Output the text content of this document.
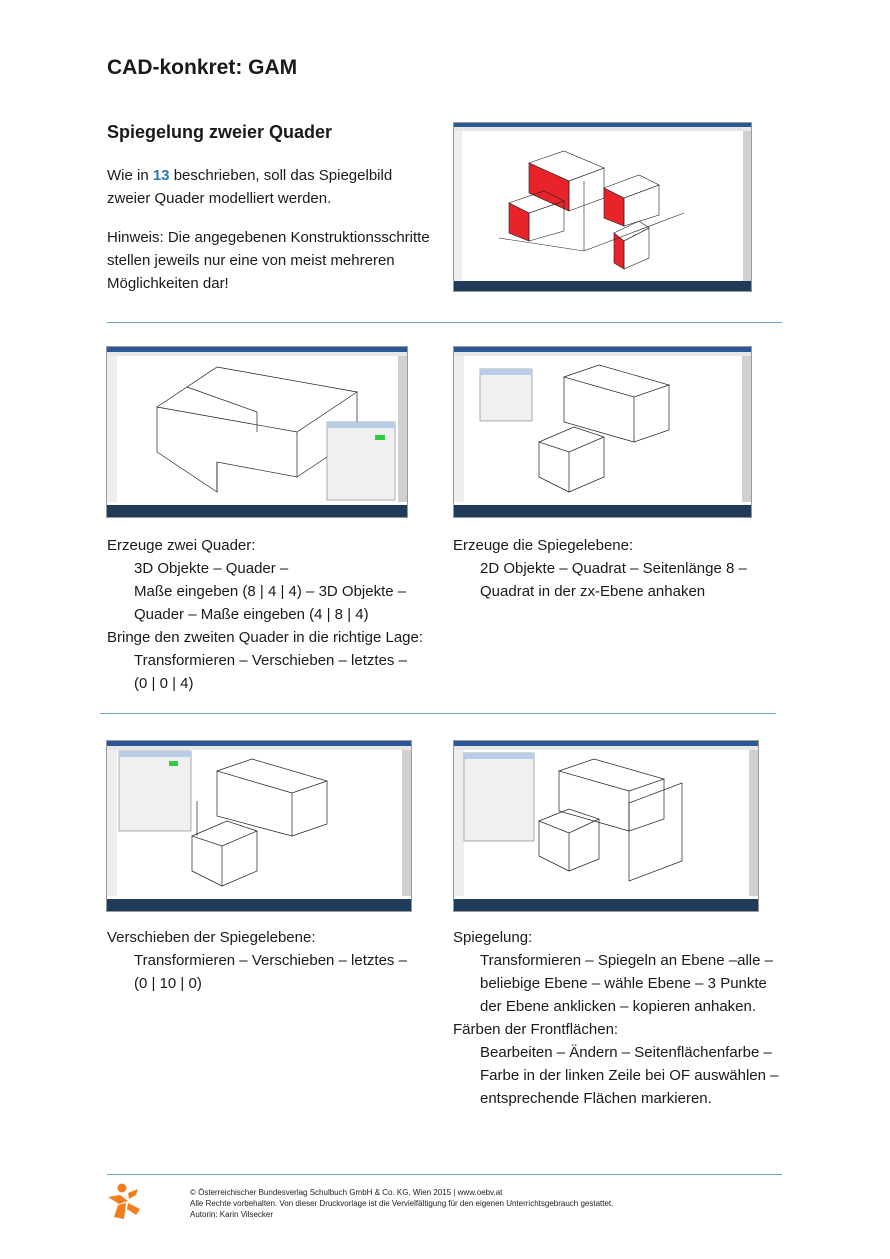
CAD-konkret: GAM
Spiegelung zweier Quader

Wie in 13 beschrieben, soll das Spiegelbild zweier Quader modelliert werden.

Hinweis: Die angegebenen Konstruktionsschritte stellen jeweils nur eine von meist mehreren Möglichkeiten dar!

Erzeuge zwei Quader:
3D Objekte – Quader –
Maße eingeben (8 | 4 | 4) – 3D Objekte –
Quader – Maße eingeben (4 | 8 | 4)
Bringe den zweiten Quader in die richtige Lage:
Transformieren – Verschieben – letztes –
(0 | 0 | 4)
Erzeuge die Spiegelebene:
2D Objekte – Quadrat – Seitenlänge 8 –
Quadrat in der zx-Ebene anhaken
Verschieben der Spiegelebene:
Transformieren – Verschieben – letztes –
(0 | 10 | 0)
Spiegelung:
Transformieren – Spiegeln an Ebene –alle –
beliebige Ebene – wähle Ebene – 3 Punkte
der Ebene anklicken – kopieren anhaken.
Färben der Frontflächen:
Bearbeiten – Ändern – Seitenflächenfarbe –
Farbe in der linken Zeile bei OF auswählen –
entsprechende Flächen markieren.
© Österreichischer Bundesverlag Schulbuch GmbH & Co. KG, Wien 2015 | www.oebv.at
Alle Rechte vorbehalten. Von dieser Druckvorlage ist die Vervielfältigung für den eigenen Unterrichtsgebrauch gestattet.
Autorin: Karin Vilsecker
